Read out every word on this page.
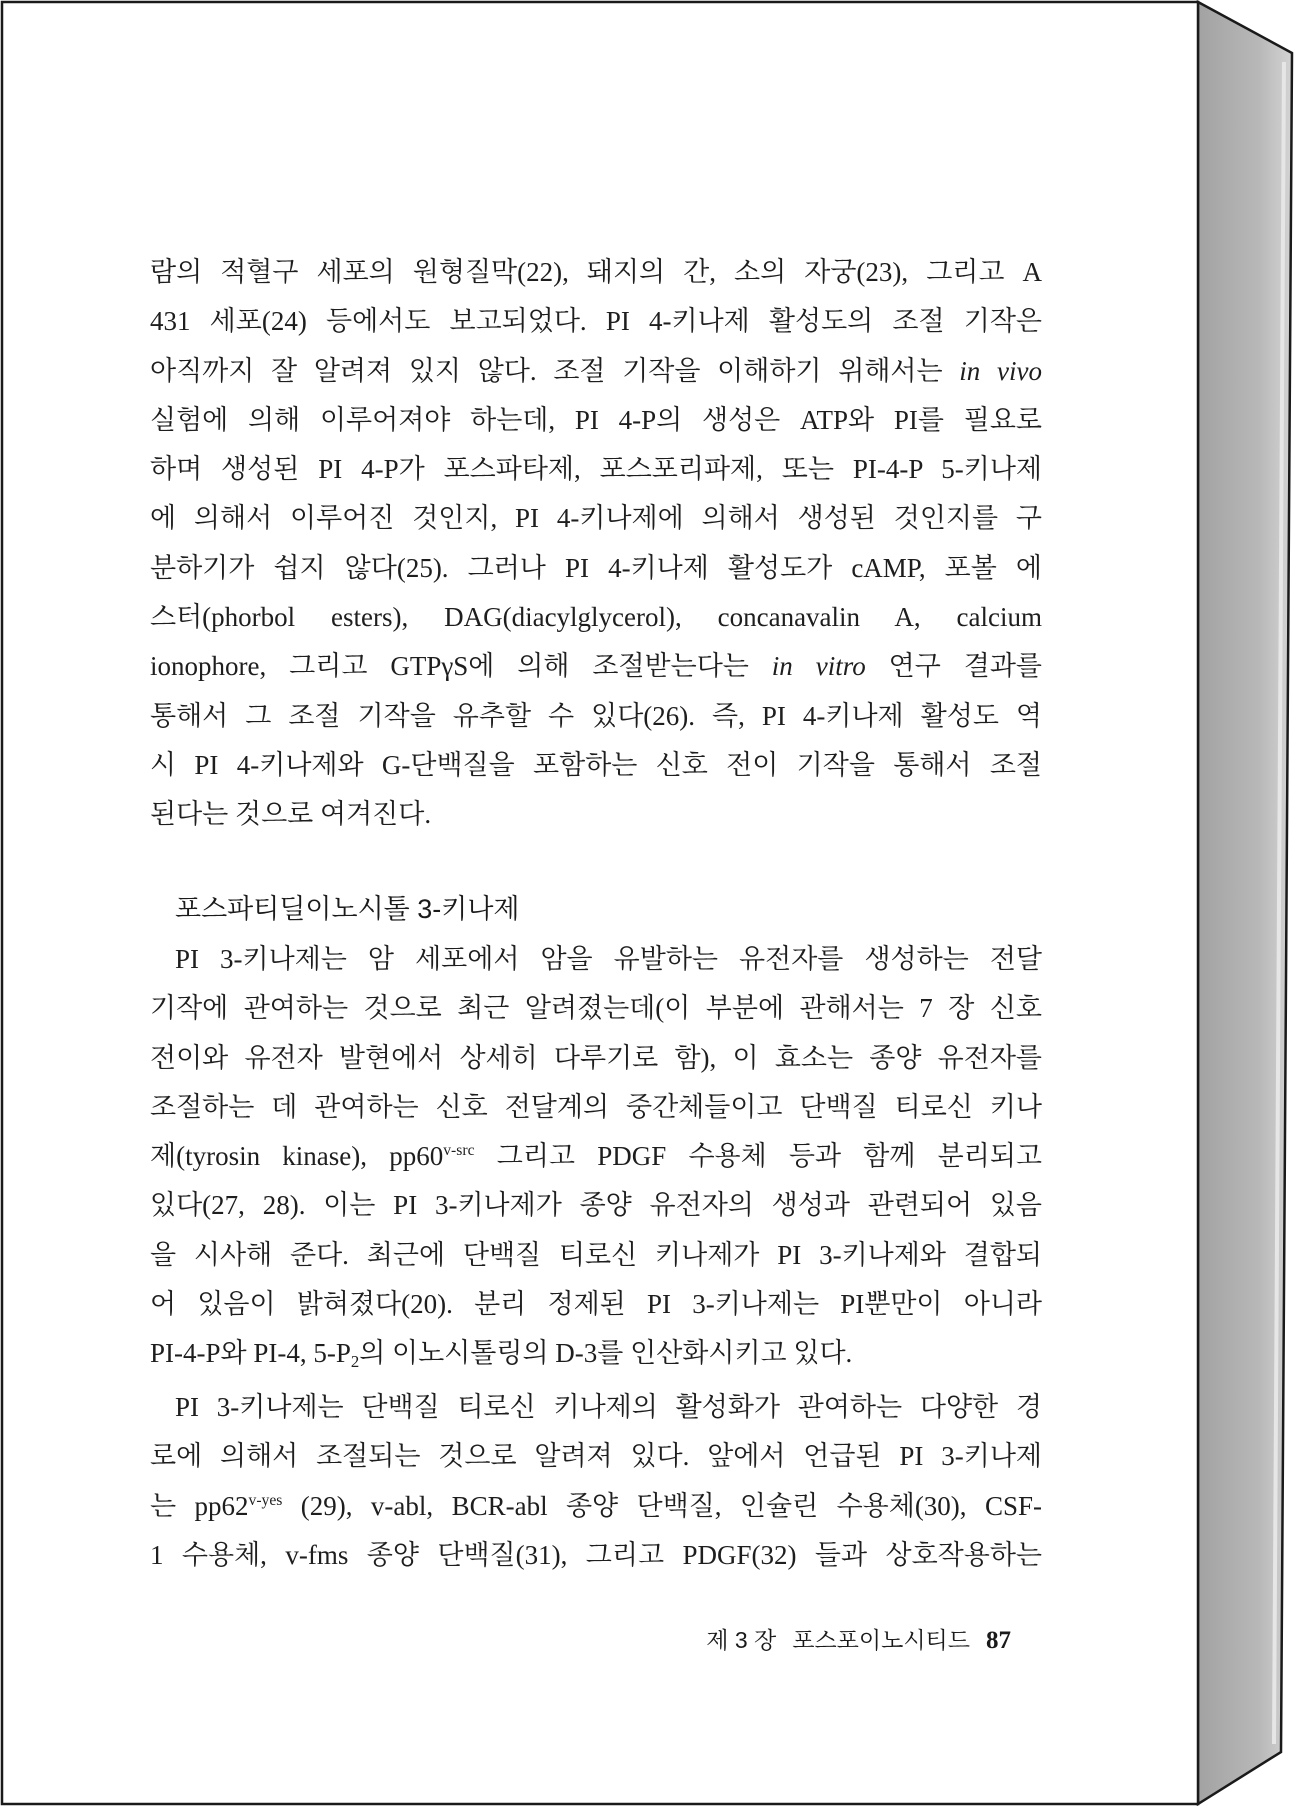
람의 적혈구 세포의 원형질막(22), 돼지의 간, 소의 자궁(23), 그리고 A
431 세포(24) 등에서도 보고되었다. PI 4-키나제 활성도의 조절 기작은
아직까지 잘 알려져 있지 않다. 조절 기작을 이해하기 위해서는 in vivo
실험에 의해 이루어져야 하는데, PI 4-P의 생성은 ATP와 PI를 필요로
하며 생성된 PI 4-P가 포스파타제, 포스포리파제, 또는 PI-4-P 5-키나제
에 의해서 이루어진 것인지, PI 4-키나제에 의해서 생성된 것인지를 구
분하기가 쉽지 않다(25). 그러나 PI 4-키나제 활성도가 cAMP, 포볼 에
스터(phorbol esters), DAG(diacylglycerol), concanavalin A, calcium
ionophore, 그리고 GTPγS에 의해 조절받는다는 in vitro 연구 결과를
통해서 그 조절 기작을 유추할 수 있다(26). 즉, PI 4-키나제 활성도 역
시 PI 4-키나제와 G-단백질을 포함하는 신호 전이 기작을 통해서 조절
된다는 것으로 여겨진다.
포스파티딜이노시톨 3-키나제
PI 3-키나제는 암 세포에서 암을 유발하는 유전자를 생성하는 전달
기작에 관여하는 것으로 최근 알려졌는데(이 부분에 관해서는 7 장 신호
전이와 유전자 발현에서 상세히 다루기로 함), 이 효소는 종양 유전자를
조절하는 데 관여하는 신호 전달계의 중간체들이고 단백질 티로신 키나
제(tyrosin kinase), $pp60^{v-src}$ 그리고 PDGF 수용체 등과 함께 분리되고
있다(27, 28). 이는 PI 3-키나제가 종양 유전자의 생성과 관련되어 있음
을 시사해 준다. 최근에 단백질 티로신 키나제가 PI 3-키나제와 결합되
어 있음이 밝혀졌다(20). 분리 정제된 PI 3-키나제는 PI뿐만이 아니라
PI-4-P와 PI-4, 5-P2의 이노시톨링의 D-3를 인산화시키고 있다.
PI 3-키나제는 단백질 티로신 키나제의 활성화가 관여하는 다양한 경
로에 의해서 조절되는 것으로 알려져 있다. 앞에서 언급된 PI 3-키나제
는 $pp62^{v-yes}$ (29), v-abl, BCR-abl 종양 단백질, 인슐린 수용체(30), CSF-
1 수용체, v-fms 종양 단백질(31), 그리고 PDGF(32) 들과 상호작용하는
제 3 장 포스포이노시티드 87
